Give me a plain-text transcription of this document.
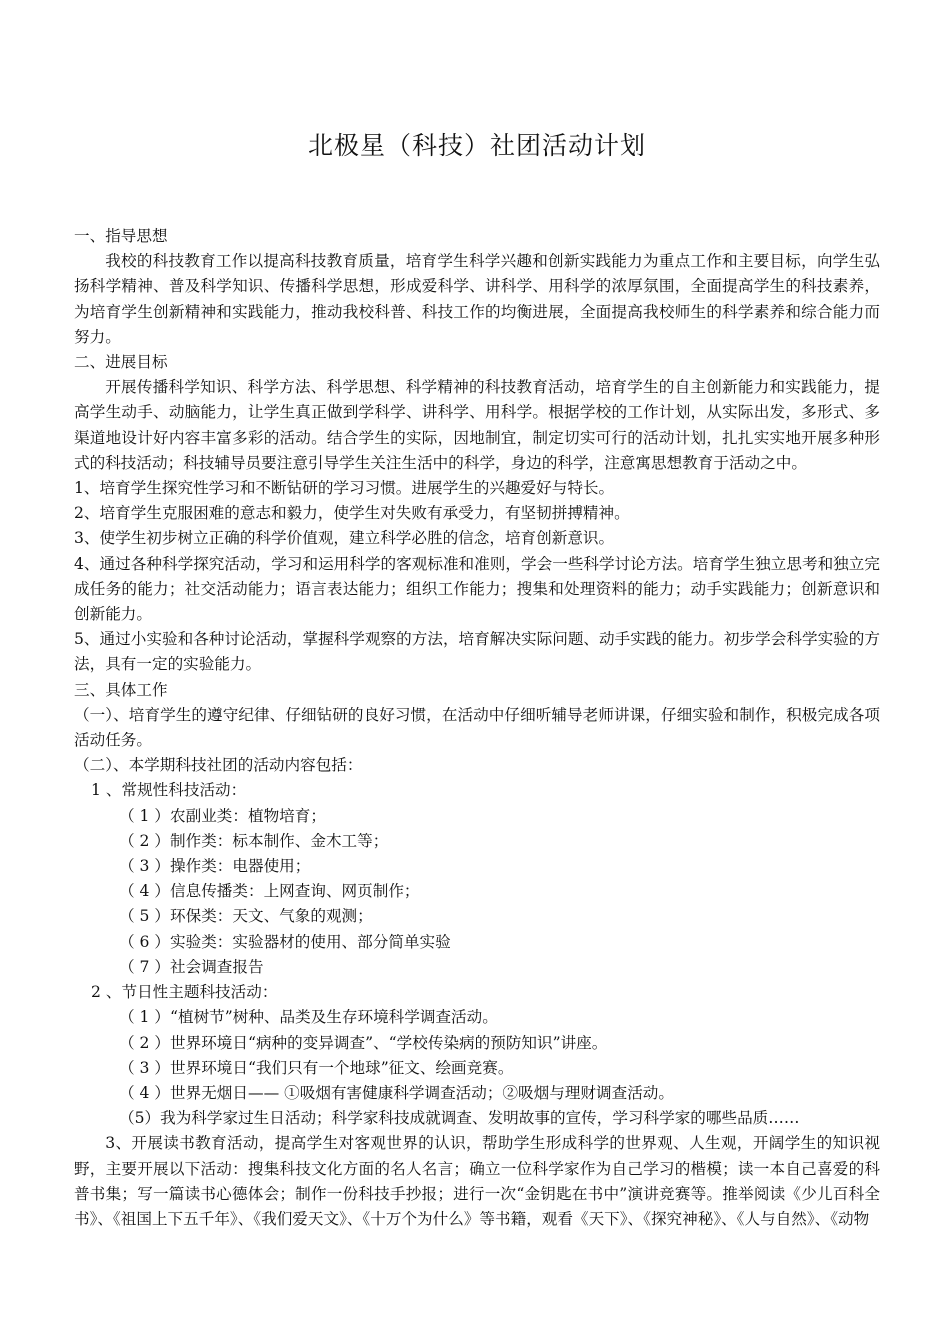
北极星（科技）社团活动计划
一、指导思想

我校的科技教育工作以提高科技教育质量，培育学生科学兴趣和创新实践能力为重点工作和主要目标，向学生弘扬科学精神、普及科学知识、传播科学思想，形成爱科学、讲科学、用科学的浓厚氛围，全面提高学生的科技素养，为培育学生创新精神和实践能力，推动我校科普、科技工作的均衡进展，全面提高我校师生的科学素养和综合能力而努力。

二、进展目标

开展传播科学知识、科学方法、科学思想、科学精神的科技教育活动，培育学生的自主创新能力和实践能力，提高学生动手、动脑能力，让学生真正做到学科学、讲科学、用科学。根据学校的工作计划，从实际出发，多形式、多渠道地设计好内容丰富多彩的活动。结合学生的实际，因地制宜，制定切实可行的活动计划，扎扎实实地开展多种形式的科技活动；科技辅导员要注意引导学生关注生活中的科学，身边的科学，注意寓思想教育于活动之中。

1、培育学生探究性学习和不断钻研的学习习惯。进展学生的兴趣爱好与特长。

2、培育学生克服困难的意志和毅力，使学生对失败有承受力，有坚韧拼搏精神。

3、使学生初步树立正确的科学价值观，建立科学必胜的信念，培育创新意识。

4、通过各种科学探究活动，学习和运用科学的客观标准和准则，学会一些科学讨论方法。培育学生独立思考和独立完成任务的能力；社交活动能力；语言表达能力；组织工作能力；搜集和处理资料的能力；动手实践能力；创新意识和创新能力。

5、通过小实验和各种讨论活动，掌握科学观察的方法，培育解决实际问题、动手实践的能力。初步学会科学实验的方法，具有一定的实验能力。

三、具体工作

（一）、培育学生的遵守纪律、仔细钻研的良好习惯，在活动中仔细听辅导老师讲课，仔细实验和制作，积极完成各项活动任务。

（二）、本学期科技社团的活动内容包括：

1 、常规性科技活动：
（ 1 ）农副业类：植物培育；
（ 2 ）制作类：标本制作、金木工等；
（ 3 ）操作类：电器使用；
（ 4 ）信息传播类：上网查询、网页制作；
（ 5 ）环保类：天文、气象的观测；
（ 6 ）实验类：实验器材的使用、部分简单实验
（ 7 ）社会调查报告
2 、节日性主题科技活动：
（ 1 ）“植树节”树种、品类及生存环境科学调查活动。
（ 2 ）世界环境日“病种的变异调查”、“学校传染病的预防知识”讲座。
（ 3 ）世界环境日“我们只有一个地球”征文、绘画竞赛。
（ 4 ）世界无烟日—— ①吸烟有害健康科学调查活动；②吸烟与理财调查活动。

（5）我为科学家过生日活动；科学家科技成就调查、发明故事的宣传，学习科学家的哪些品质……

3、开展读书教育活动，提高学生对客观世界的认识，帮助学生形成科学的世界观、人生观，开阔学生的知识视野，主要开展以下活动：搜集科技文化方面的名人名言；确立一位科学家作为自己学习的楷模；读一本自己喜爱的科普书集；写一篇读书心德体会；制作一份科技手抄报；进行一次“金钥匙在书中”演讲竞赛等。推举阅读《少儿百科全书》、《祖国上下五千年》、《我们爱天文》、《十万个为什么》等书籍，观看《天下》、《探究神秘》、《人与自然》、《动物
